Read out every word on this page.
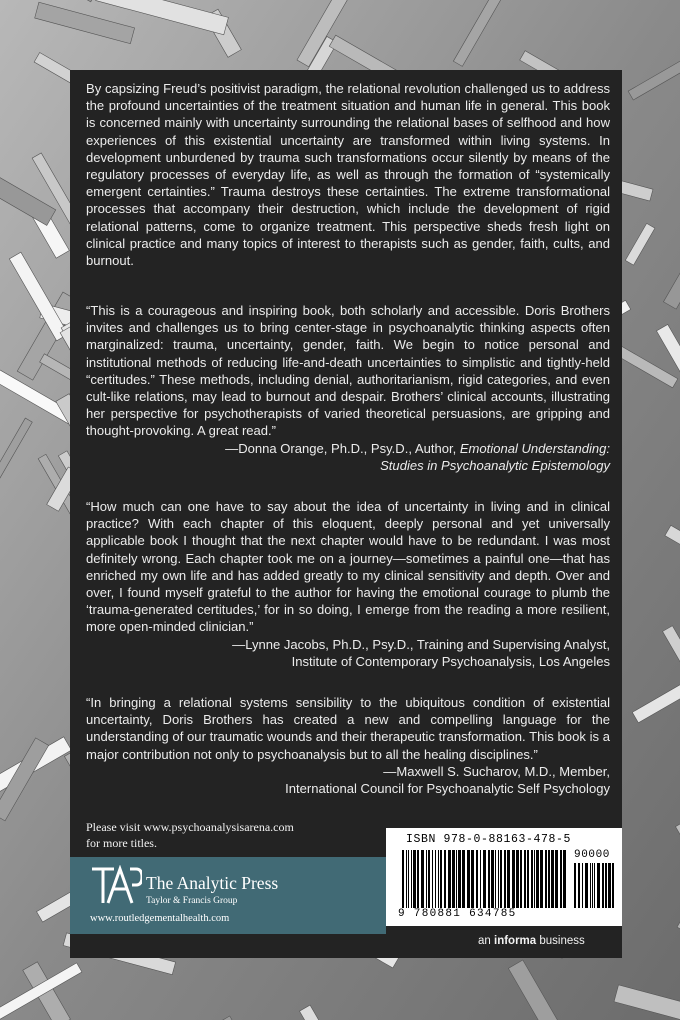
By capsizing Freud’s positivist paradigm, the relational revolution challenged us to address the profound uncertainties of the treatment situation and human life in general. This book is concerned mainly with uncertainty surrounding the relational bases of selfhood and how experiences of this existential uncertainty are transformed within living systems. In development unburdened by trauma such transformations occur silently by means of the regulatory processes of everyday life, as well as through the formation of “systemically emergent certainties.” Trauma destroys these certainties. The extreme transformational processes that accompany their destruction, which include the development of rigid relational patterns, come to organize treatment. This perspective sheds fresh light on clinical practice and many topics of interest to therapists such as gender, faith, cults, and burnout.
“This is a courageous and inspiring book, both scholarly and accessible. Doris Brothers invites and challenges us to bring center-stage in psychoanalytic thinking aspects often marginalized: trauma, uncertainty, gender, faith. We begin to notice personal and institutional methods of reducing life-and-death uncertainties to simplistic and tightly-held “certitudes.” These methods, including denial, authoritarianism, rigid categories, and even cult-like relations, may lead to burnout and despair. Brothers’ clinical accounts, illustrating her perspective for psychotherapists of varied theoretical persuasions, are gripping and thought-provoking. A great read.”
—Donna Orange, Ph.D., Psy.D., Author, Emotional Understanding:
Studies in Psychoanalytic Epistemology
“How much can one have to say about the idea of uncertainty in living and in clinical practice? With each chapter of this eloquent, deeply personal and yet universally applicable book I thought that the next chapter would have to be redundant. I was most definitely wrong. Each chapter took me on a journey—sometimes a painful one—that has enriched my own life and has added greatly to my clinical sensitivity and depth. Over and over, I found myself grateful to the author for having the emotional courage to plumb the ‘trauma-generated certitudes,’ for in so doing, I emerge from the reading a more resilient, more open-minded clinician.”
—Lynne Jacobs, Ph.D., Psy.D., Training and Supervising Analyst,
Institute of Contemporary Psychoanalysis, Los Angeles
“In bringing a relational systems sensibility to the ubiquitous condition of existential uncertainty, Doris Brothers has created a new and compelling language for the understanding of our traumatic wounds and their therapeutic transformation. This book is a major contribution not only to psychoanalysis but to all the healing disciplines.”
—Maxwell S. Sucharov, M.D., Member,
International Council for Psychoanalytic Self Psychology
Please visit www.psychoanalysisarena.com
for more titles.
The Analytic Press
Taylor & Francis Group
www.routledgementalhealth.com
ISBN 978-0-88163-478-5
90000
9 780881 634785
an informa business
